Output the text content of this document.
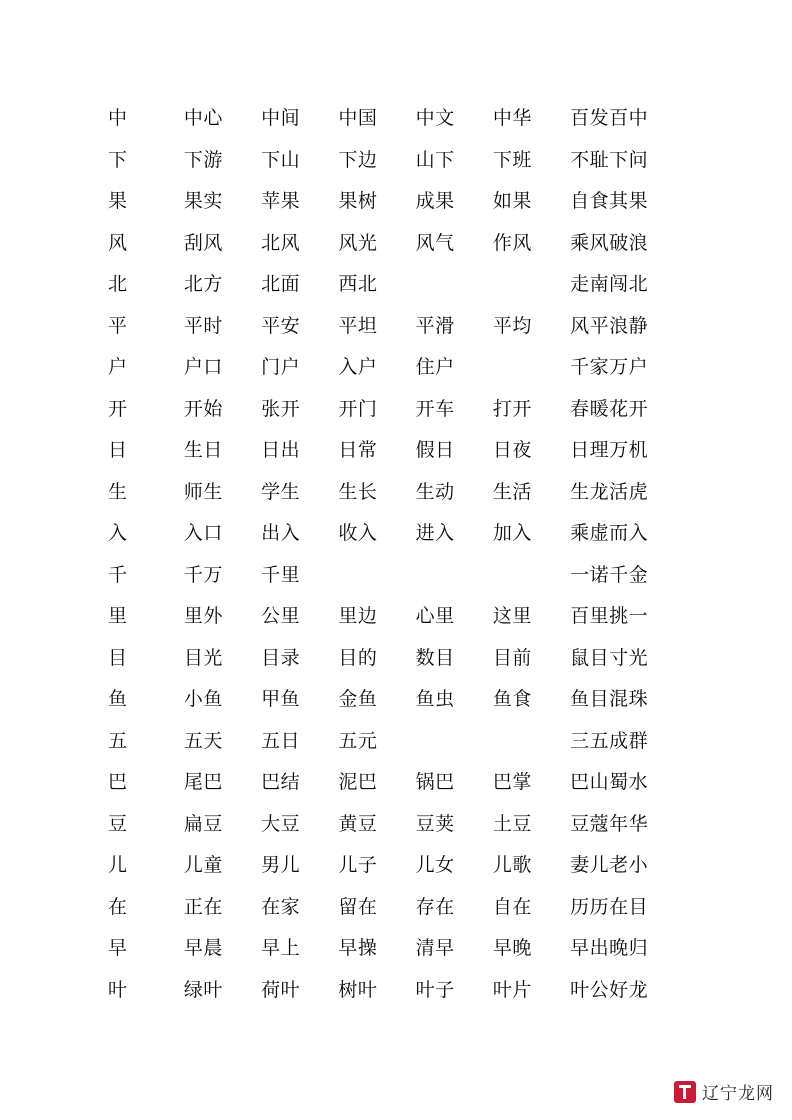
中	中心	中间	中国	中文	中华	百发百中
下	下游	下山	下边	山下	下班	不耻下问
果	果实	苹果	果树	成果	如果	自食其果
风	刮风	北风	风光	风气	作风	乘风破浪
北	北方	北面	西北			走南闯北
平	平时	平安	平坦	平滑	平均	风平浪静
户	户口	门户	入户	住户		千家万户
开	开始	张开	开门	开车	打开	春暖花开
日	生日	日出	日常	假日	日夜	日理万机
生	师生	学生	生长	生动	生活	生龙活虎
入	入口	出入	收入	进入	加入	乘虚而入
千	千万	千里				一诺千金
里	里外	公里	里边	心里	这里	百里挑一
目	目光	目录	目的	数目	目前	鼠目寸光
鱼	小鱼	甲鱼	金鱼	鱼虫	鱼食	鱼目混珠
五	五天	五日	五元			三五成群
巴	尾巴	巴结	泥巴	锅巴	巴掌	巴山蜀水
豆	扁豆	大豆	黄豆	豆荚	土豆	豆蔻年华
儿	儿童	男儿	儿子	儿女	儿歌	妻儿老小
在	正在	在家	留在	存在	自在	历历在目
早	早晨	早上	早操	清早	早晚	早出晚归
叶	绿叶	荷叶	树叶	叶子	叶片	叶公好龙
辽宁龙网
